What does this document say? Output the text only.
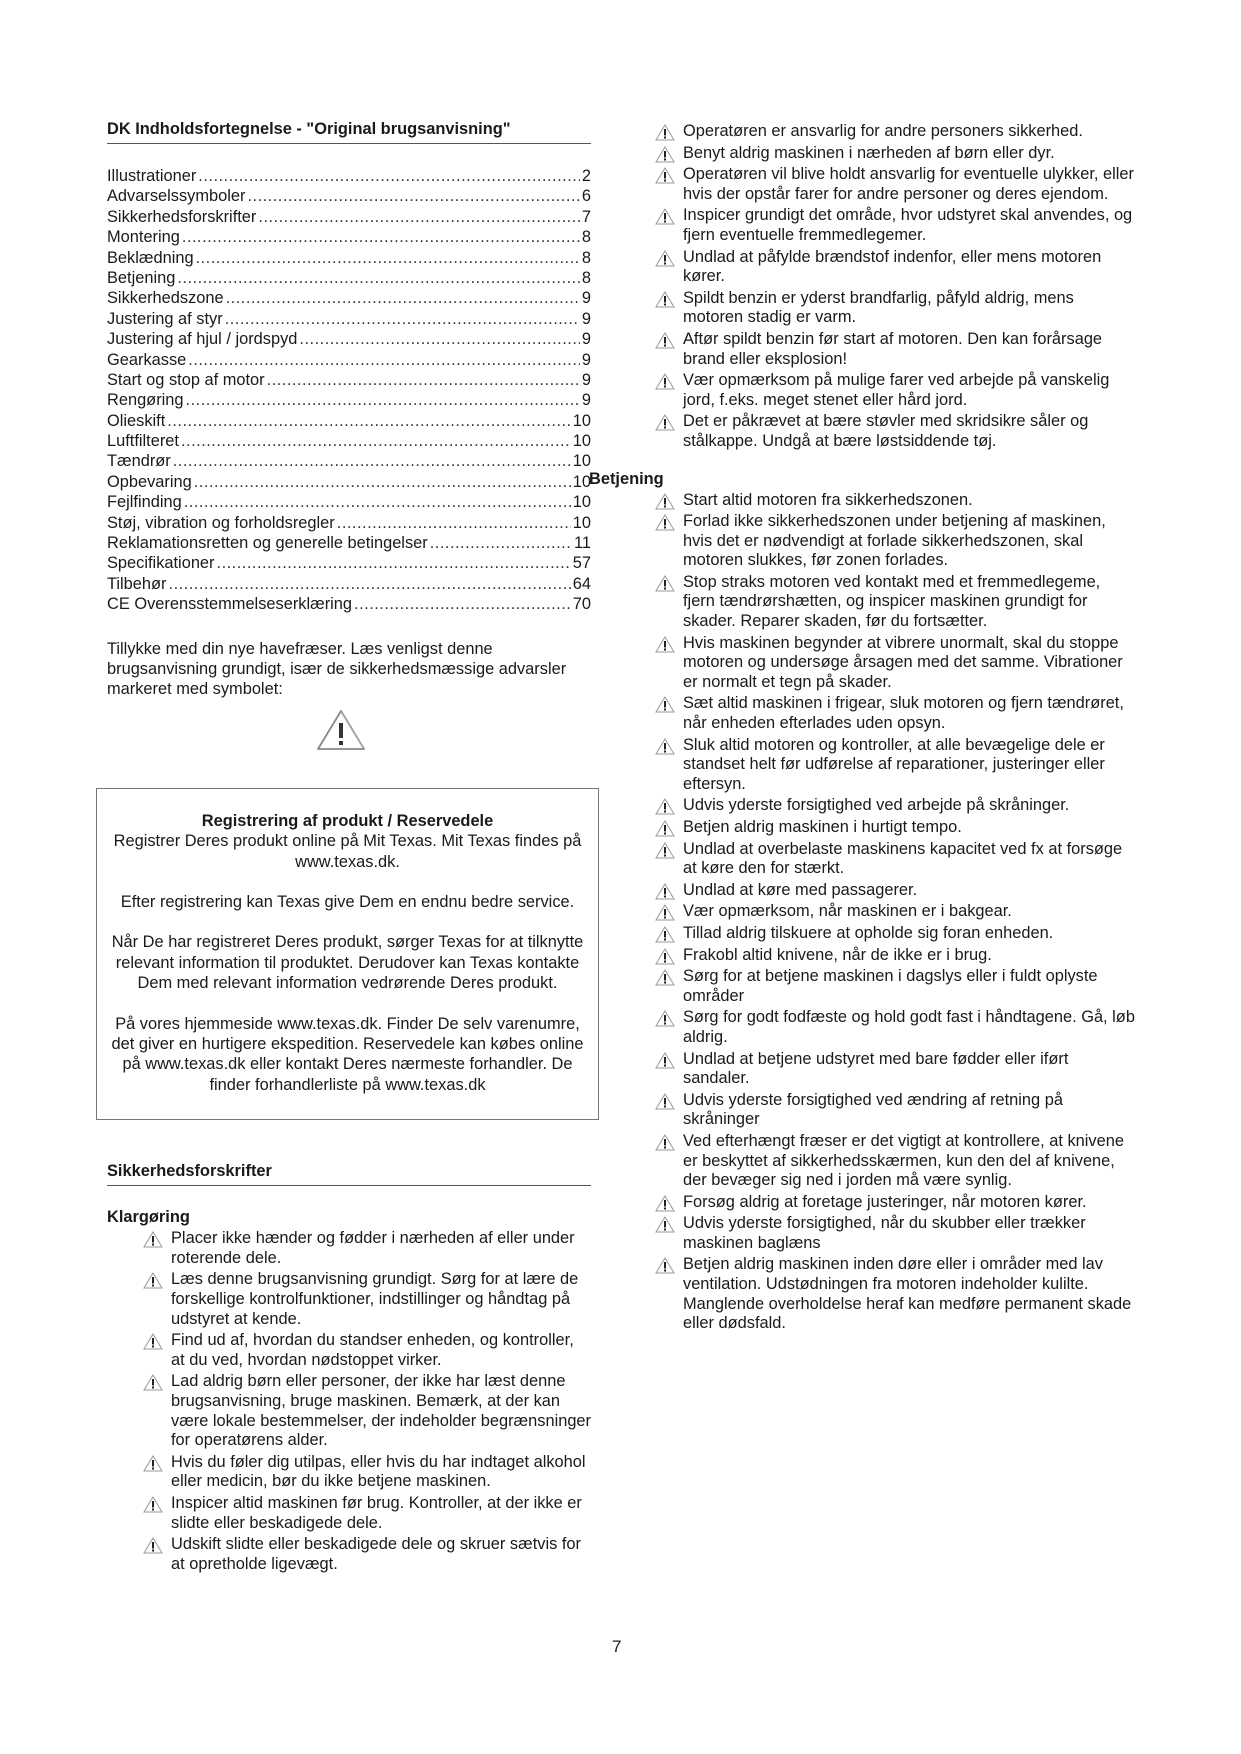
DK Indholdsfortegnelse - "Original brugsanvisning"
Illustrationer .....	2
Advarselssymboler .....	6
Sikkerhedsforskrifter .....	7
Montering .....	8
Beklædning .....	8
Betjening .....	8
Sikkerhedszone .....	9
Justering af styr .....	9
Justering af hjul / jordspyd .....	9
Gearkasse .....	9
Start og stop af motor .....	9
Rengøring .....	9
Olieskift .....	10
Luftfilteret .....	10
Tændrør .....	10
Opbevaring .....	10
Fejlfinding .....	10
Støj, vibration og forholdsregler .....	10
Reklamationsretten og generelle betingelser .....	11
Specifikationer .....	57
Tilbehør .....	64
CE Overensstemmelseserklæring .....	70
Tillykke med din nye havefræser. Læs venligst denne brugsanvisning grundigt, især de sikkerhedsmæssige advarsler markeret med symbolet:
Registrering af produkt / Reservedele

Registrer Deres produkt online på Mit Texas. Mit Texas findes på www.texas.dk.

Efter registrering kan Texas give Dem en endnu bedre service.

Når De har registreret Deres produkt, sørger Texas for at tilknytte relevant information til produktet. Derudover kan Texas kontakte Dem med relevant information vedrørende Deres produkt.

På vores hjemmeside www.texas.dk. Finder De selv varenumre, det giver en hurtigere ekspedition. Reservedele kan købes online på www.texas.dk eller kontakt Deres nærmeste forhandler. De finder forhandlerliste på www.texas.dk

Sikkerhedsforskrifter
Klargøring
Placer ikke hænder og fødder i nærheden af eller under roterende dele.
Læs denne brugsanvisning grundigt. Sørg for at lære de forskellige kontrolfunktioner, indstillinger og håndtag på udstyret at kende.
Find ud af, hvordan du standser enheden, og kontroller, at du ved, hvordan nødstoppet virker.
Lad aldrig børn eller personer, der ikke har læst denne brugsanvisning, bruge maskinen. Bemærk, at der kan være lokale bestemmelser, der indeholder begrænsninger for operatørens alder.
Hvis du føler dig utilpas, eller hvis du har indtaget alkohol eller medicin, bør du ikke betjene maskinen.
Inspicer altid maskinen før brug. Kontroller, at der ikke er slidte eller beskadigede dele.
Udskift slidte eller beskadigede dele og skruer sætvis for at opretholde ligevægt.
Operatøren er ansvarlig for andre personers sikkerhed.
Benyt aldrig maskinen i nærheden af børn eller dyr.
Operatøren vil blive holdt ansvarlig for eventuelle ulykker, eller hvis der opstår farer for andre personer og deres ejendom.
Inspicer grundigt det område, hvor udstyret skal anvendes, og fjern eventuelle fremmedlegemer.
Undlad at påfylde brændstof indenfor, eller mens motoren kører.
Spildt benzin er yderst brandfarlig, påfyld aldrig, mens motoren stadig er varm.
Aftør spildt benzin før start af motoren. Den kan forårsage brand eller eksplosion!
Vær opmærksom på mulige farer ved arbejde på vanskelig jord, f.eks. meget stenet eller hård jord.
Det er påkrævet at bære støvler med skridsikre såler og stålkappe. Undgå at bære løstsiddende tøj.
Betjening
Start altid motoren fra sikkerhedszonen.
Forlad ikke sikkerhedszonen under betjening af maskinen, hvis det er nødvendigt at forlade sikkerhedszonen, skal motoren slukkes, før zonen forlades.
Stop straks motoren ved kontakt med et fremmedlegeme, fjern tændrørshætten, og inspicer maskinen grundigt for skader. Reparer skaden, før du fortsætter.
Hvis maskinen begynder at vibrere unormalt, skal du stoppe motoren og undersøge årsagen med det samme. Vibrationer er normalt et tegn på skader.
Sæt altid maskinen i frigear, sluk motoren og fjern tændrøret, når enheden efterlades uden opsyn.
Sluk altid motoren og kontroller, at alle bevægelige dele er standset helt før udførelse af reparationer, justeringer eller eftersyn.
Udvis yderste forsigtighed ved arbejde på skråninger.
Betjen aldrig maskinen i hurtigt tempo.
Undlad at overbelaste maskinens kapacitet ved fx at forsøge at køre den for stærkt.
Undlad at køre med passagerer.
Vær opmærksom, når maskinen er i bakgear.
Tillad aldrig tilskuere at opholde sig foran enheden.
Frakobl altid knivene, når de ikke er i brug.
Sørg for at betjene maskinen i dagslys eller i fuldt oplyste områder
Sørg for godt fodfæste og hold godt fast i håndtagene. Gå, løb aldrig.
Undlad at betjene udstyret med bare fødder eller iført sandaler.
Udvis yderste forsigtighed ved ændring af retning på skråninger
Ved efterhængt fræser er det vigtigt at kontrollere, at knivene er beskyttet af sikkerhedsskærmen, kun den del af knivene, der bevæger sig ned i jorden må være synlig.
Forsøg aldrig at foretage justeringer, når motoren kører.
Udvis yderste forsigtighed, når du skubber eller trækker maskinen baglæns
Betjen aldrig maskinen inden døre eller i områder med lav ventilation. Udstødningen fra motoren indeholder kulilte. Manglende overholdelse heraf kan medføre permanent skade eller dødsfald.
7
